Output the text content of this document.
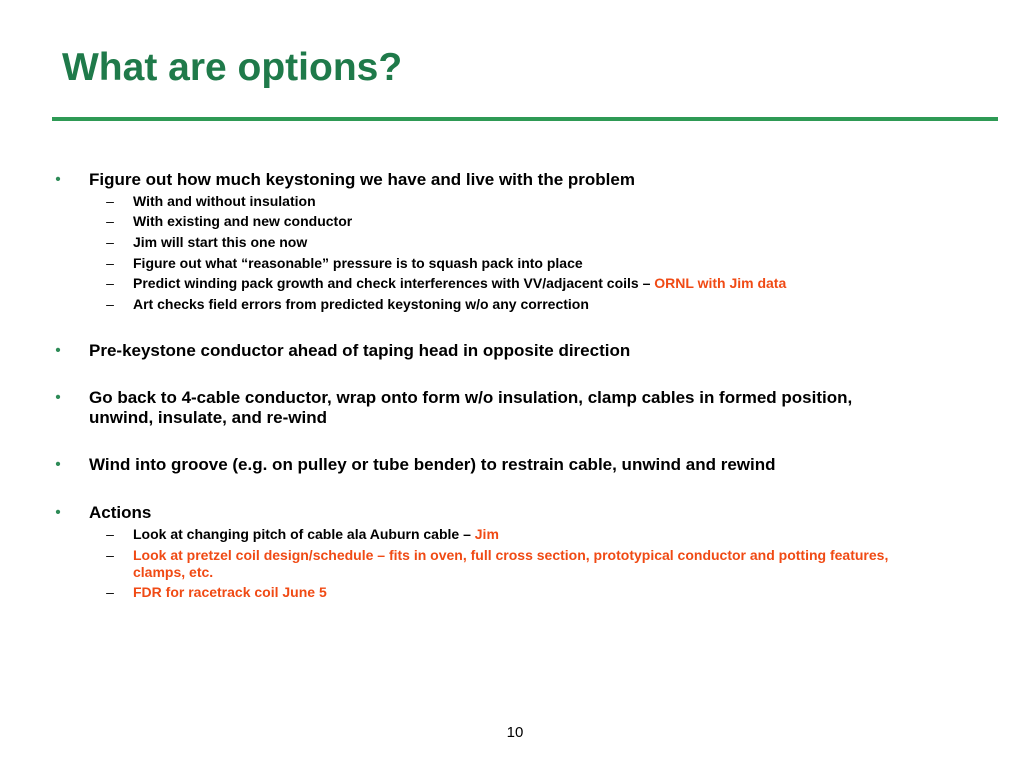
What are options?
• Figure out how much keystoning we have and live with the problem
– With and without insulation
– With existing and new conductor
– Jim will start this one now
– Figure out what “reasonable” pressure is to squash pack into place
– Predict winding pack growth and check interferences with VV/adjacent coils – ORNL with Jim data
– Art checks field errors from predicted keystoning w/o any correction
• Pre-keystone conductor ahead of taping head in opposite direction
• Go back to 4-cable conductor, wrap onto form w/o insulation, clamp cables in formed position, unwind, insulate, and re-wind
• Wind into groove (e.g. on pulley or tube bender) to restrain cable, unwind and rewind
• Actions
– Look at changing pitch of cable ala Auburn cable – Jim
– Look at pretzel coil design/schedule – fits in oven, full cross section, prototypical conductor and potting features, clamps, etc.
– FDR for racetrack coil June 5
10
